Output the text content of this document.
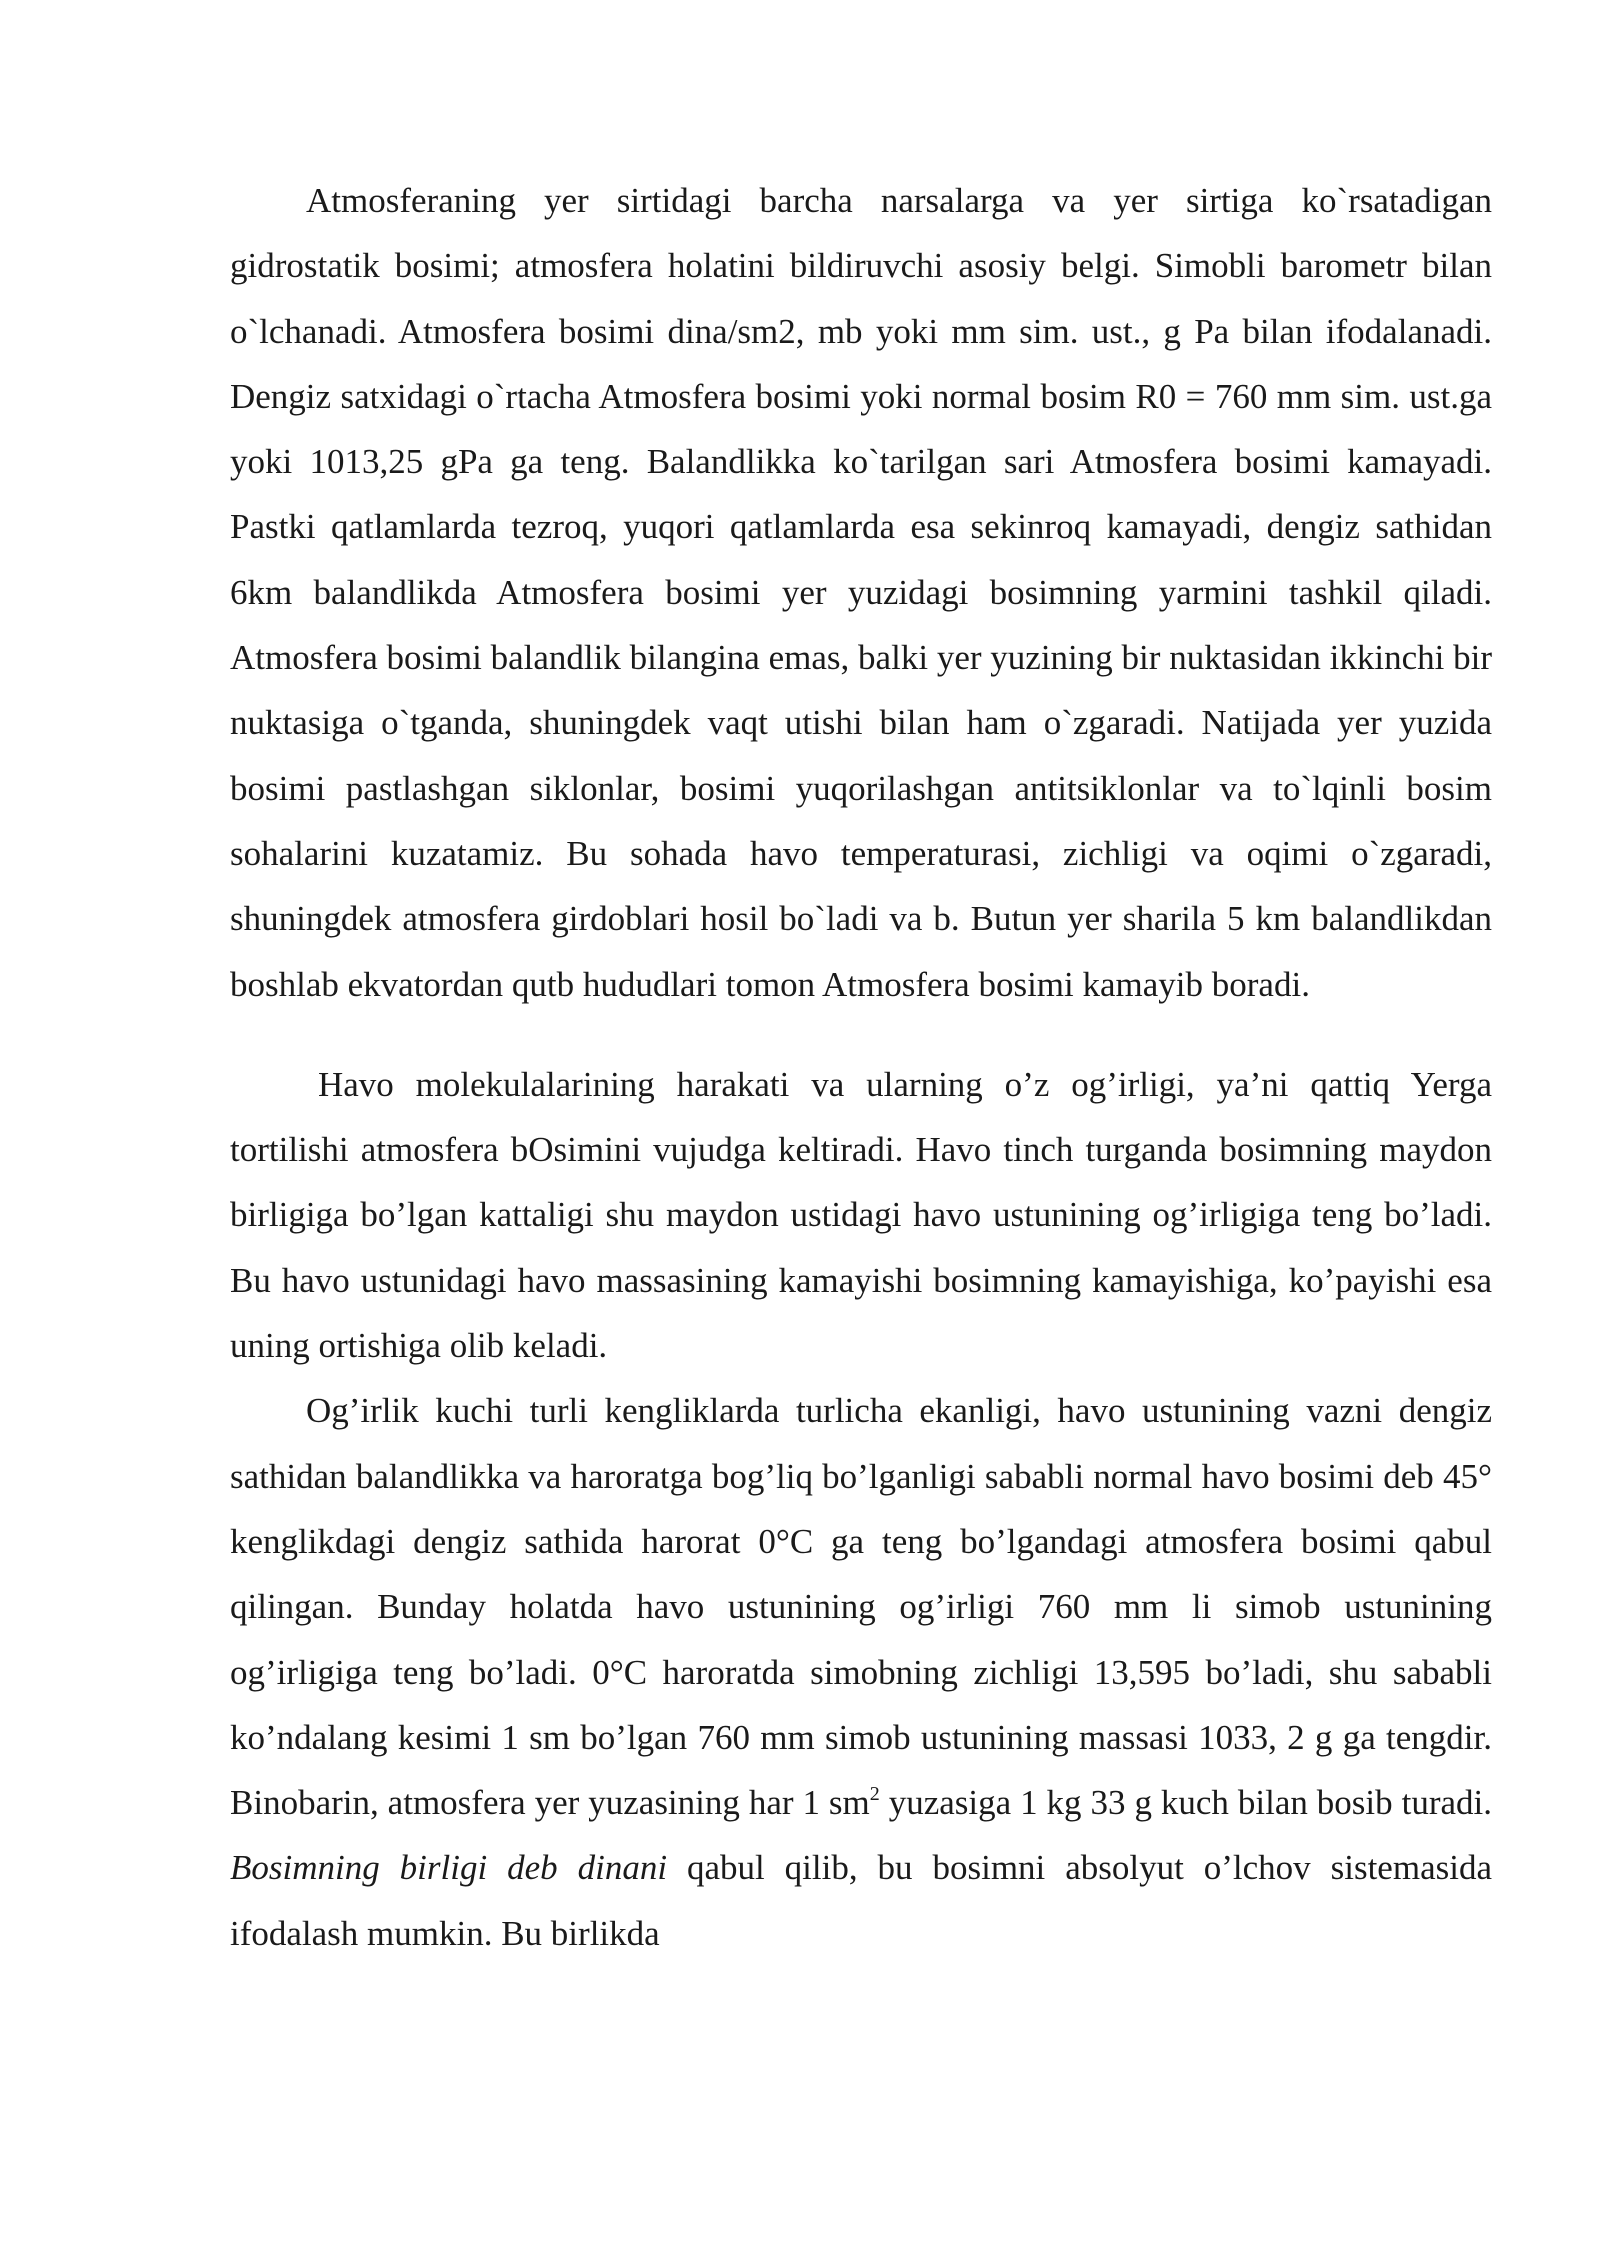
Atmosferaning yer sirtidagi barcha narsalarga va yer sirtiga ko`rsatadigan gidrostatik bosimi; atmosfera holatini bildiruvchi asosiy belgi. Simobli barometr bilan o`lchanadi. Atmosfera bosimi dina/sm2, mb yoki mm sim. ust., g Pa bilan ifodalanadi. Dengiz satxidagi o`rtacha Atmosfera bosimi yoki normal bosim R0 = 760 mm sim. ust.ga yoki 1013,25 gPa ga teng. Balandlikka ko`tarilgan sari Atmosfera bosimi kamayadi. Pastki qatlamlarda tezroq, yuqori qatlamlarda esa sekinroq kamayadi, dengiz sathidan 6km balandlikda Atmosfera bosimi yer yuzidagi bosimning yarmini tashkil qiladi. Atmosfera bosimi balandlik bilangina emas, balki yer yuzining bir nuktasidan ikkinchi bir nuktasiga o`tganda, shuningdek vaqt utishi bilan ham o`zgaradi. Natijada yer yuzida bosimi pastlashgan siklonlar, bosimi yuqorilashgan antitsiklonlar va to`lqinli bosim sohalarini kuzatamiz. Bu sohada havo temperaturasi, zichligi va oqimi o`zgaradi, shuningdek atmosfera girdoblari hosil bo`ladi va b. Butun yer sharila 5 km balandlikdan boshlab ekvatordan qutb hududlari tomon Atmosfera bosimi kamayib boradi.

Havo molekulalarining harakati va ularning o’z og’irligi, ya’ni qattiq Yerga tortilishi atmosfera bOsimini vujudga keltiradi. Havo tinch turganda bosimning maydon birligiga bo’lgan kattaligi shu maydon ustidagi havo ustunining og’irligiga teng bo’ladi. Bu havo ustunidagi havo massasining kamayishi bosimning kamayishiga, ko’payishi esa uning ortishiga olib keladi.

Og’irlik kuchi turli kengliklarda turlicha ekanligi, havo ustunining vazni dengiz sathidan balandlikka va haroratga bog’liq bo’lganligi sababli normal havo bosimi deb 45° kenglikdagi dengiz sathida harorat 0°C ga teng bo’lgandagi atmosfera bosimi qabul qilingan. Bunday holatda havo ustunining og’irligi 760 mm li simob ustunining og’irligiga teng bo’ladi. 0°C haroratda simobning zichligi 13,595 bo’ladi, shu sababli ko’ndalang kesimi 1 sm bo’lgan 760 mm simob ustunining massasi 1033, 2 g ga tengdir. Binobarin, atmosfera yer yuzasining har 1 $sm^2$ yuzasiga 1 kg 33 g kuch bilan bosib turadi. Bosimning birligi deb dinani qabul qilib, bu bosimni absolyut o’lchov sistemasida ifodalash mumkin. Bu birlikda
